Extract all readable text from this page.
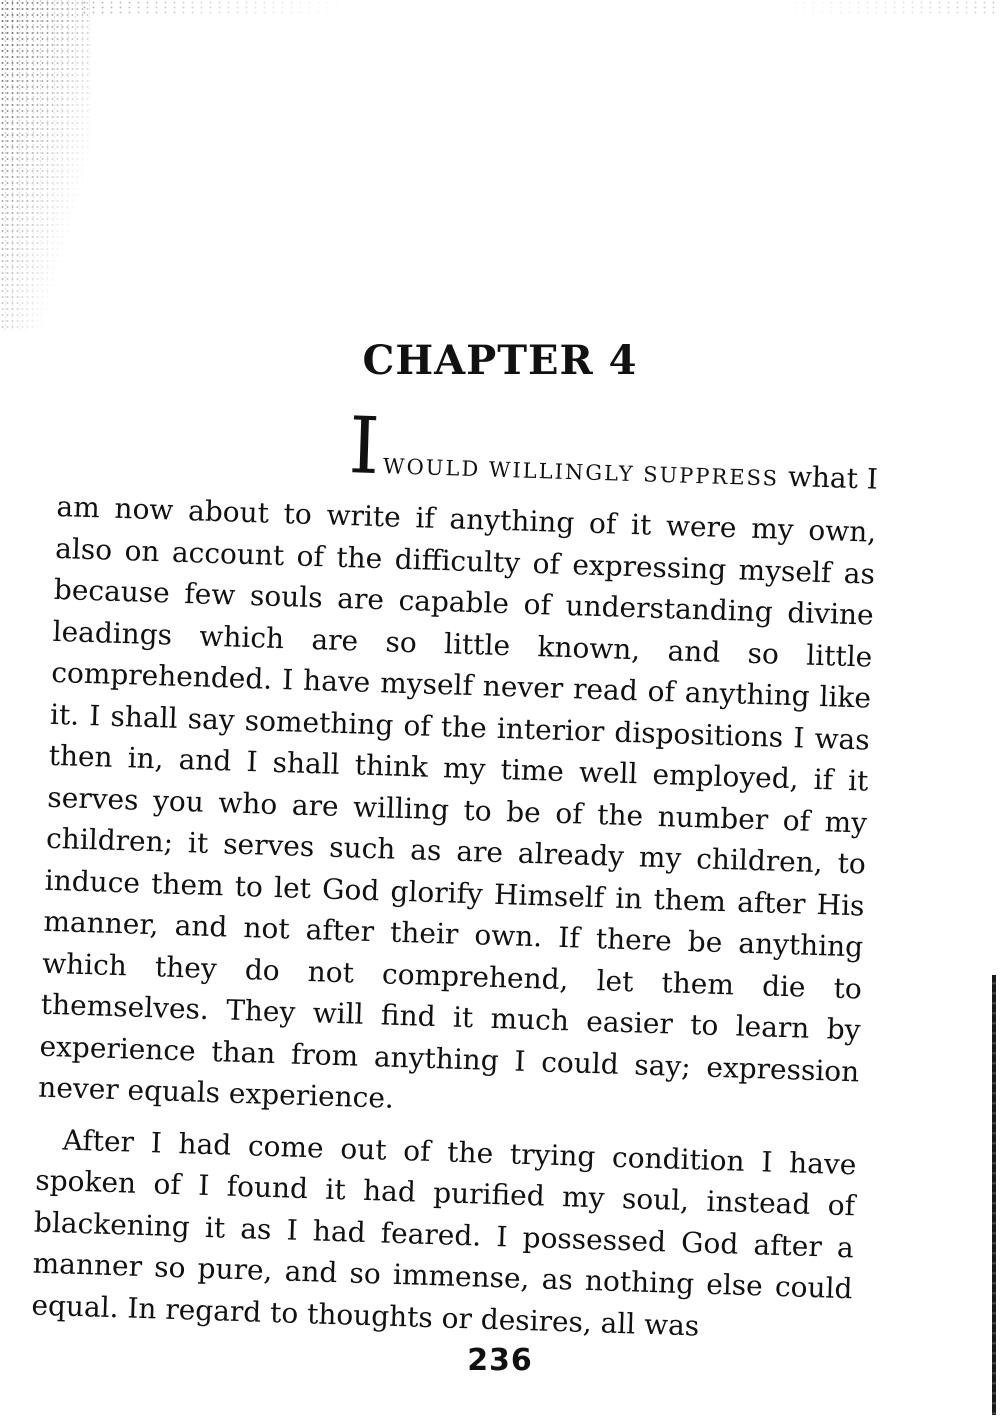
CHAPTER 4

IWOULD WILLINGLY SUPPRESS what I
am now about to write if anything of it were my own, also on account of the difficulty of expressing myself as because few souls are capable of understanding divine leadings which are so little known, and so little comprehended. I have myself never read of anything like it. I shall say something of the interior dispositions I was then in, and I shall think my time well employed, if it serves you who are willing to be of the number of my children; it serves such as are already my children, to induce them to let God glorify Himself in them after His manner, and not after their own. If there be anything which they do not comprehend, let them die to themselves. They will find it much easier to learn by experience than from anything I could say; expression never equals experience.

After I had come out of the trying condition I have spoken of I found it had purified my soul, instead of blackening it as I had feared. I possessed God after a manner so pure, and so immense, as nothing else could equal. In regard to thoughts or desires, all was

236
